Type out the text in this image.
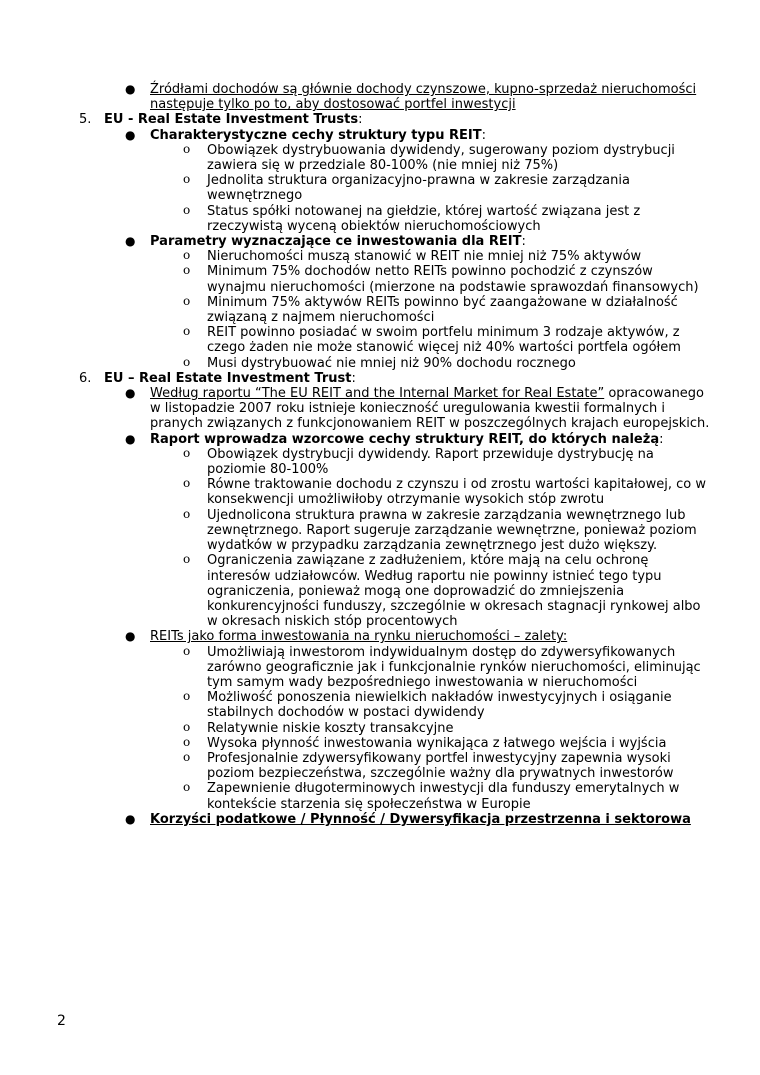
● Źródłami dochodów są głównie dochody czynszowe, kupno-sprzedaż nieruchomości
następuje tylko po to, aby dostosować portfel inwestycji
5. EU - Real Estate Investment Trusts:
● Charakterystyczne cechy struktury typu REIT:
o Obowiązek dystrybuowania dywidendy, sugerowany poziom dystrybucji
zawiera się w przedziale 80-100% (nie mniej niż 75%)
o Jednolita struktura organizacyjno-prawna w zakresie zarządzania
wewnętrznego
o Status spółki notowanej na giełdzie, której wartość związana jest z
rzeczywistą wyceną obiektów nieruchomościowych
● Parametry wyznaczające ce inwestowania dla REIT:
o Nieruchomości muszą stanowić w REIT nie mniej niż 75% aktywów
o Minimum 75% dochodów netto REITs powinno pochodzić z czynszów
wynajmu nieruchomości (mierzone na podstawie sprawozdań finansowych)
o Minimum 75% aktywów REITs powinno być zaangażowane w działalność
związaną z najmem nieruchomości
o REIT powinno posiadać w swoim portfelu minimum 3 rodzaje aktywów, z
czego żaden nie może stanowić więcej niż 40% wartości portfela ogółem
o Musi dystrybuować nie mniej niż 90% dochodu rocznego
6. EU – Real Estate Investment Trust:
● Według raportu “The EU REIT and the Internal Market for Real Estate” opracowanego
w listopadzie 2007 roku istnieje konieczność uregulowania kwestii formalnych i
pranych związanych z funkcjonowaniem REIT w poszczególnych krajach europejskich.
● Raport wprowadza wzorcowe cechy struktury REIT, do których należą:
o Obowiązek dystrybucji dywidendy. Raport przewiduje dystrybucję na
poziomie 80-100%
o Równe traktowanie dochodu z czynszu i od zrostu wartości kapitałowej, co w
konsekwencji umożliwiłoby otrzymanie wysokich stóp zwrotu
o Ujednolicona struktura prawna w zakresie zarządzania wewnętrznego lub
zewnętrznego. Raport sugeruje zarządzanie wewnętrzne, ponieważ poziom
wydatków w przypadku zarządzania zewnętrznego jest dużo większy.
o Ograniczenia zawiązane z zadłużeniem, które mają na celu ochronę
interesów udziałowców. Według raportu nie powinny istnieć tego typu
ograniczenia, ponieważ mogą one doprowadzić do zmniejszenia
konkurencyjności funduszy, szczególnie w okresach stagnacji rynkowej albo
w okresach niskich stóp procentowych
● REITs jako forma inwestowania na rynku nieruchomości – zalety:
o Umożliwiają inwestorom indywidualnym dostęp do zdywersyfikowanych
zarówno geograficznie jak i funkcjonalnie rynków nieruchomości, eliminując
tym samym wady bezpośredniego inwestowania w nieruchomości
o Możliwość ponoszenia niewielkich nakładów inwestycyjnych i osiąganie
stabilnych dochodów w postaci dywidendy
o Relatywnie niskie koszty transakcyjne
o Wysoka płynność inwestowania wynikająca z łatwego wejścia i wyjścia
o Profesjonalnie zdywersyfikowany portfel inwestycyjny zapewnia wysoki
poziom bezpieczeństwa, szczególnie ważny dla prywatnych inwestorów
o Zapewnienie długoterminowych inwestycji dla funduszy emerytalnych w
kontekście starzenia się społeczeństwa w Europie
● Korzyści podatkowe / Płynność / Dywersyfikacja przestrzenna i sektorowa
2
